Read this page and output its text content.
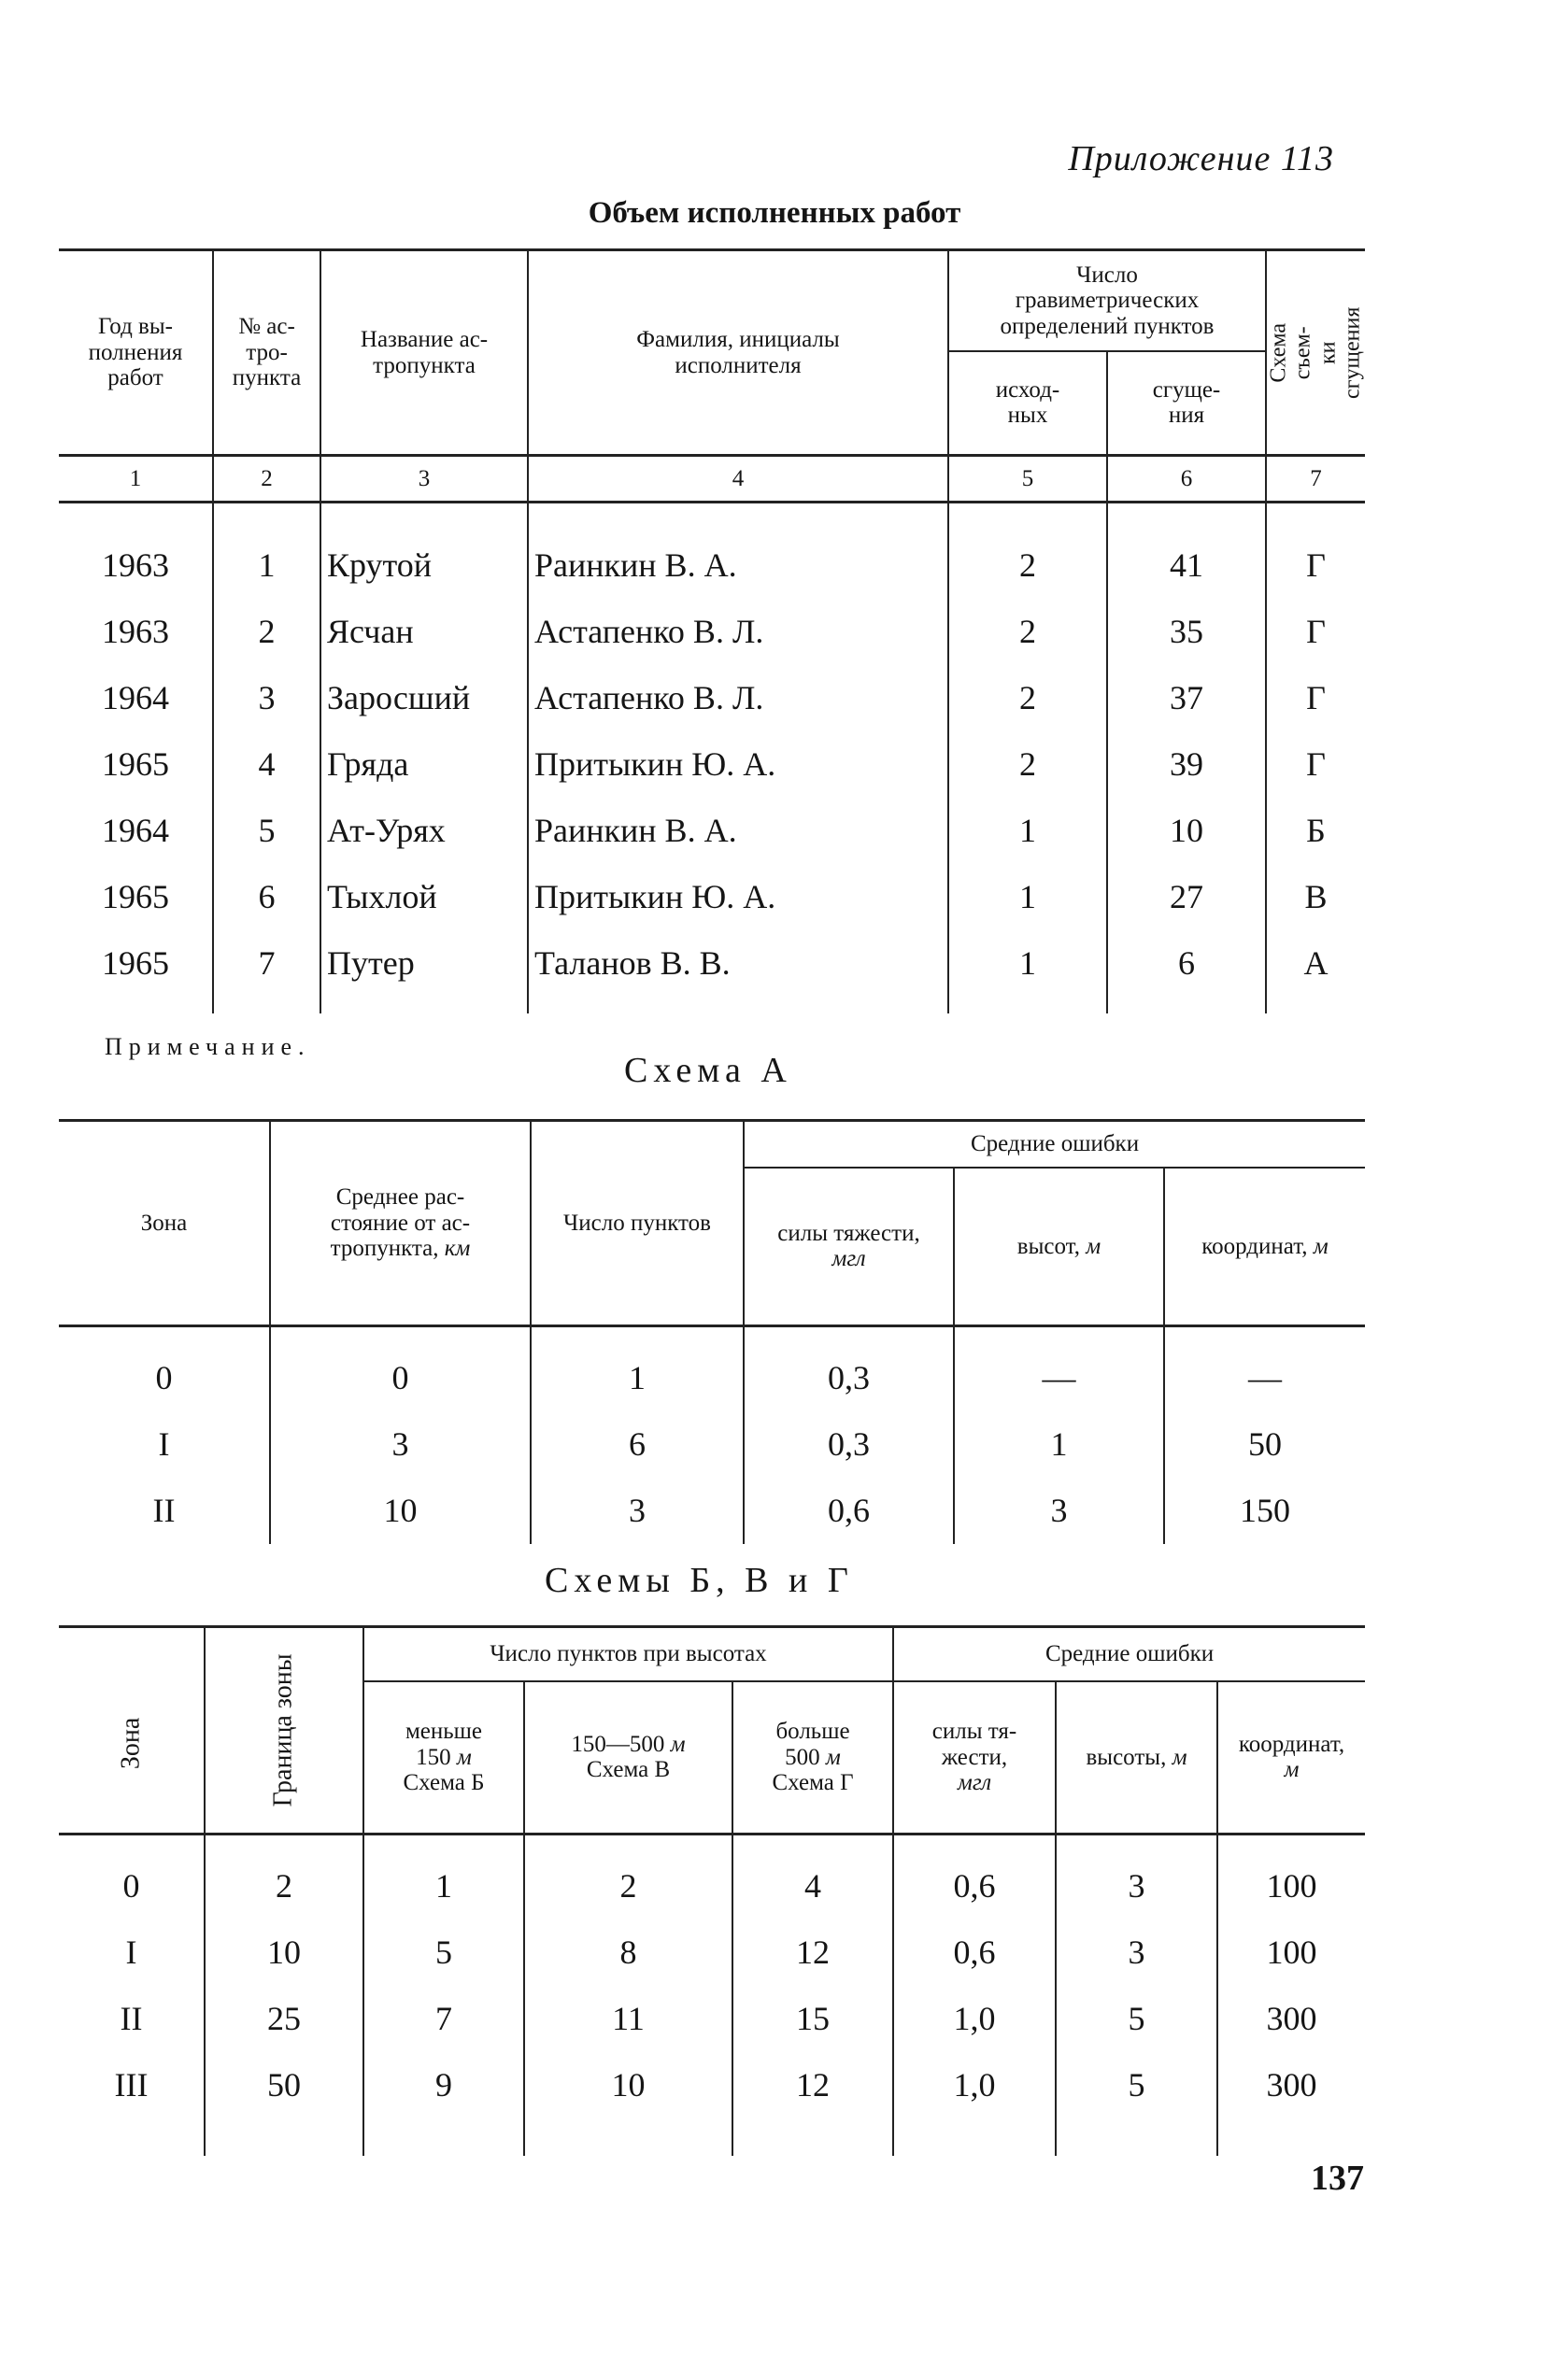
Приложение 113
Объем исполненных работ
Год вы-
полнения
работ	№ ас-
тро-
пункта	Название ас-
тропункта	Фамилия, инициалы
исполнителя	Число
гравиметрических
определений пунктов		Схема съем-
ки сгущения
				исход-
ных	сгуще-
ния	
1	2	3	4	5	6	7

1963	1	Крутой	Раинкин В. А.	2	41	Г
1963	2	Ясчан	Астапенко В. Л.	2	35	Г
1964	3	Заросший	Астапенко В. Л.	2	37	Г
1965	4	Гряда	Притыкин Ю. А.	2	39	Г
1964	5	Ат-Урях	Раинкин В. А.	1	10	Б
1965	6	Тыхлой	Притыкин Ю. А.	1	27	В
1965	7	Путер	Таланов В. В.	1	6	А

Примечание.
Схема А
Зона	Среднее рас-
стояние от ас-
тропункта, км	Число пунктов	Средние ошибки		
			силы тяжести,
мгл	высот, м	координат, м

0	0	1	0,3	—	—
I	3	6	0,3	1	50
II	10	3	0,6	3	150
Схемы Б, В и Г
Зона	Граница зоны	Число пунктов при высотах			Средние ошибки		
		меньше
150 м
Схема Б	150—500 м
Схема В	больше
500 м
Схема Г	силы тя-
жести,
мгл	высоты, м	координат,
м

0	2	1	2	4	0,6	3	100
I	10	5	8	12	0,6	3	100
II	25	7	11	15	1,0	5	300
III	50	9	10	12	1,0	5	300

137
